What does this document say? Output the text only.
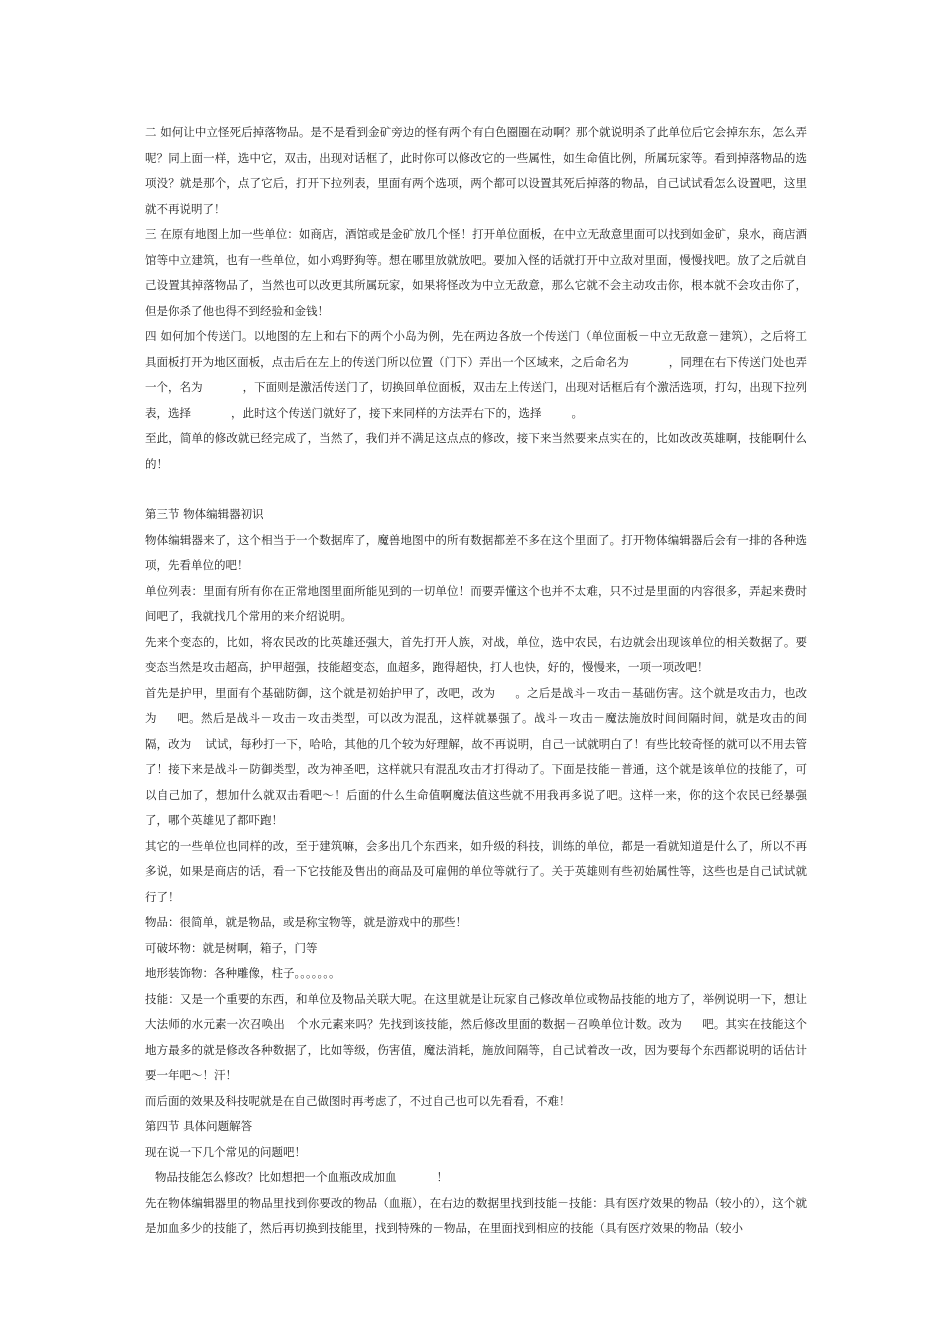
二 如何让中立怪死后掉落物品。是不是看到金矿旁边的怪有两个有白色圈圈在动啊？那个就说明杀了此单位后它会掉东东，怎么弄呢？同上面一样，选中它，双击，出现对话框了，此时你可以修改它的一些属性，如生命值比例，所属玩家等。看到掉落物品的选项没？就是那个，点了它后，打开下拉列表，里面有两个选项，两个都可以设置其死后掉落的物品，自己试试看怎么设置吧，这里就不再说明了！

三 在原有地图上加一些单位：如商店，酒馆或是金矿放几个怪！打开单位面板，在中立无敌意里面可以找到如金矿，泉水，商店酒馆等中立建筑，也有一些单位，如小鸡野狗等。想在哪里放就放吧。要加入怪的话就打开中立敌对里面，慢慢找吧。放了之后就自己设置其掉落物品了，当然也可以改更其所属玩家，如果将怪改为中立无敌意，那么它就不会主动攻击你，根本就不会攻击你了，但是你杀了他也得不到经验和金钱！

四 如何加个传送门。以地图的左上和右下的两个小岛为例，先在两边各放一个传送门（单位面板－中立无敌意－建筑），之后将工具面板打开为地区面板，点击后在左上的传送门所以位置（门下）弄出一个区域来，之后命名为	，同理在右下传送门处也弄一个，名为	，下面则是激活传送门了，切换回单位面板，双击左上传送门，出现对话框后有个激活选项，打勾，出现下拉列表，选择	，此时这个传送门就好了，接下来同样的方法弄右下的，选择	。

至此，简单的修改就已经完成了，当然了，我们并不满足这点点的修改，接下来当然要来点实在的，比如改改英雄啊，技能啊什么的！

第三节 物体编辑器初识

物体编辑器来了，这个相当于一个数据库了，魔兽地图中的所有数据都差不多在这个里面了。打开物体编辑器后会有一排的各种选项，先看单位的吧！

单位列表：里面有所有你在正常地图里面所能见到的一切单位！而要弄懂这个也并不太难，只不过是里面的内容很多，弄起来费时间吧了，我就找几个常用的来介绍说明。

先来个变态的，比如，将农民改的比英雄还强大，首先打开人族，对战，单位，选中农民，右边就会出现该单位的相关数据了。要变态当然是攻击超高，护甲超强，技能超变态，血超多，跑得超快，打人也快，好的，慢慢来，一项一项改吧！

首先是护甲，里面有个基础防御，这个就是初始护甲了，改吧，改为 。之后是战斗－攻击－基础伤害。这个就是攻击力，也改为 吧。然后是战斗－攻击－攻击类型，可以改为混乱，这样就暴强了。战斗－攻击－魔法施放时间间隔时间，就是攻击的间隔，改为 试试，每秒打一下，哈哈，其他的几个较为好理解，故不再说明，自己一试就明白了！有些比较奇怪的就可以不用去管了！接下来是战斗－防御类型，改为神圣吧，这样就只有混乱攻击才打得动了。下面是技能－普通，这个就是该单位的技能了，可以自己加了，想加什么就双击看吧～！后面的什么生命值啊魔法值这些就不用我再多说了吧。这样一来，你的这个农民已经暴强了，哪个英雄见了都吓跑！

其它的一些单位也同样的改，至于建筑嘛，会多出几个东西来，如升级的科技，训练的单位，都是一看就知道是什么了，所以不再多说，如果是商店的话，看一下它技能及售出的商品及可雇佣的单位等就行了。关于英雄则有些初始属性等，这些也是自己试试就行了！

物品：很简单，就是物品，或是称宝物等，就是游戏中的那些！

可破坏物：就是树啊，箱子，门等

地形装饰物：各种雕像，柱子。。。。。。。

技能：又是一个重要的东西，和单位及物品关联大呢。在这里就是让玩家自己修改单位或物品技能的地方了，举例说明一下，想让大法师的水元素一次召唤出 个水元素来吗？先找到该技能，然后修改里面的数据－召唤单位计数。改为 吧。其实在技能这个地方最多的就是修改各种数据了，比如等级，伤害值，魔法消耗，施放间隔等，自己试着改一改，因为要每个东西都说明的话估计要一年吧～！汗！

而后面的效果及科技呢就是在自己做图时再考虑了，不过自己也可以先看看，不难！

第四节 具体问题解答

现在说一下几个常见的问题吧！

物品技能怎么修改？比如想把一个血瓶改成加血	！

先在物体编辑器里的物品里找到你要改的物品（血瓶），在右边的数据里找到技能－技能：具有医疗效果的物品（较小的），这个就是加血多少的技能了，然后再切换到技能里，找到特殊的－物品，在里面找到相应的技能（具有医疗效果的物品（较小
